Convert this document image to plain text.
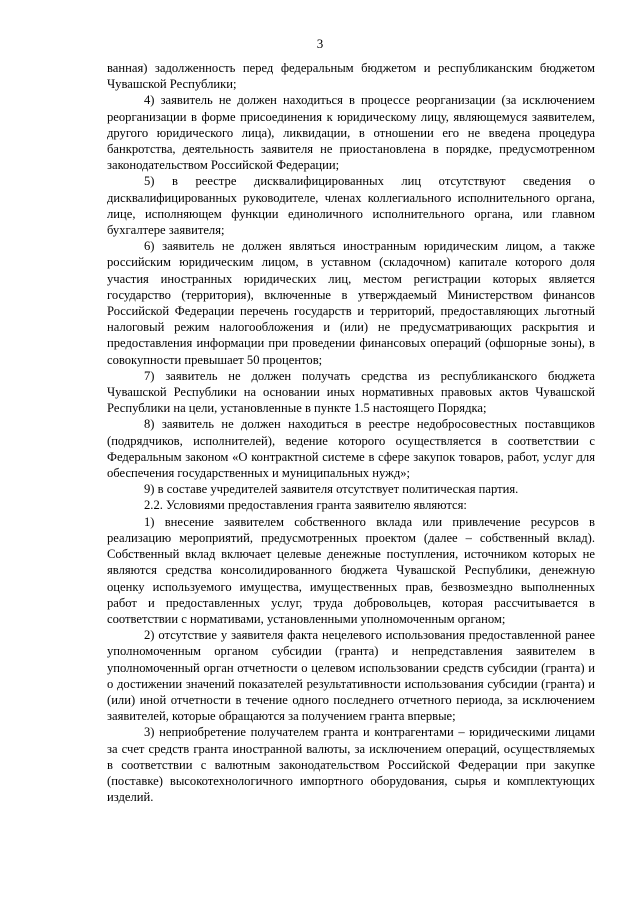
3

ванная) задолженность перед федеральным бюджетом и республиканским бюджетом Чувашской Республики;

4) заявитель не должен находиться в процессе реорганизации (за исключением реорганизации в форме присоединения к юридическому лицу, являющемуся заявителем, другого юридического лица), ликвидации, в отношении его не введена процедура банкротства, деятельность заявителя не приостановлена в порядке, предусмотренном законодательством Российской Федерации;

5) в реестре дисквалифицированных лиц отсутствуют сведения о дисквалифицированных руководителе, членах коллегиального исполнительного органа, лице, исполняющем функции единоличного исполнительного органа, или главном бухгалтере заявителя;

6) заявитель не должен являться иностранным юридическим лицом, а также российским юридическим лицом, в уставном (складочном) капитале которого доля участия иностранных юридических лиц, местом регистрации которых является государство (территория), включенные в утверждаемый Министерством финансов Российской Федерации перечень государств и территорий, предоставляющих льготный налоговый режим налогообложения и (или) не предусматривающих раскрытия и предоставления информации при проведении финансовых операций (офшорные зоны), в совокупности превышает 50 процентов;

7) заявитель не должен получать средства из республиканского бюджета Чувашской Республики на основании иных нормативных правовых актов Чувашской Республики на цели, установленные в пункте 1.5 настоящего Порядка;

8) заявитель не должен находиться в реестре недобросовестных поставщиков (подрядчиков, исполнителей), ведение которого осуществляется в соответствии с Федеральным законом «О контрактной системе в сфере закупок товаров, работ, услуг для обеспечения государственных и муниципальных нужд»;

9) в составе учредителей заявителя отсутствует политическая партия.

2.2. Условиями предоставления гранта заявителю являются:

1) внесение заявителем собственного вклада или привлечение ресурсов в реализацию мероприятий, предусмотренных проектом (далее – собственный вклад). Собственный вклад включает целевые денежные поступления, источником которых не являются средства консолидированного бюджета Чувашской Республики, денежную оценку используемого имущества, имущественных прав, безвозмездно выполненных работ и предоставленных услуг, труда добровольцев, которая рассчитывается в соответствии с нормативами, установленными уполномоченным органом;

2) отсутствие у заявителя факта нецелевого использования предоставленной ранее уполномоченным органом субсидии (гранта) и непредставления заявителем в уполномоченный орган отчетности о целевом использовании средств субсидии (гранта) и о достижении значений показателей результативности использования субсидии (гранта) и (или) иной отчетности в течение одного последнего отчетного периода, за исключением заявителей, которые обращаются за получением гранта впервые;

3) неприобретение получателем гранта и контрагентами – юридическими лицами за счет средств гранта иностранной валюты, за исключением операций, осуществляемых в соответствии с валютным законодательством Российской Федерации при закупке (поставке) высокотехнологичного импортного оборудования, сырья и комплектующих изделий.
